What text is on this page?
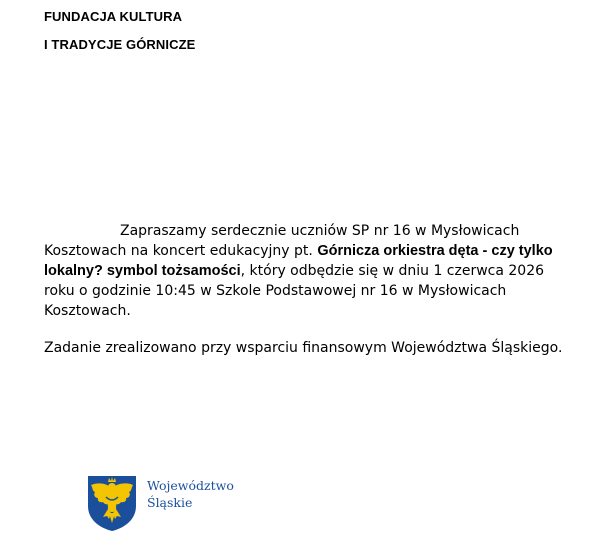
FUNDACJA KULTURA
I TRADYCJE GÓRNICZE
Zapraszamy serdecznie uczniów SP nr 16 w Mysłowicach Kosztowach na koncert edukacyjny pt. Górnicza orkiestra dęta - czy tylko lokalny? symbol tożsamości, który odbędzie się w dniu 1 czerwca 2026 roku o godzinie 10:45 w Szkole Podstawowej nr 16 w Mysłowicach Kosztowach.
Zadanie zrealizowano przy wsparciu finansowym Województwa Śląskiego.
Województwo
Śląskie
